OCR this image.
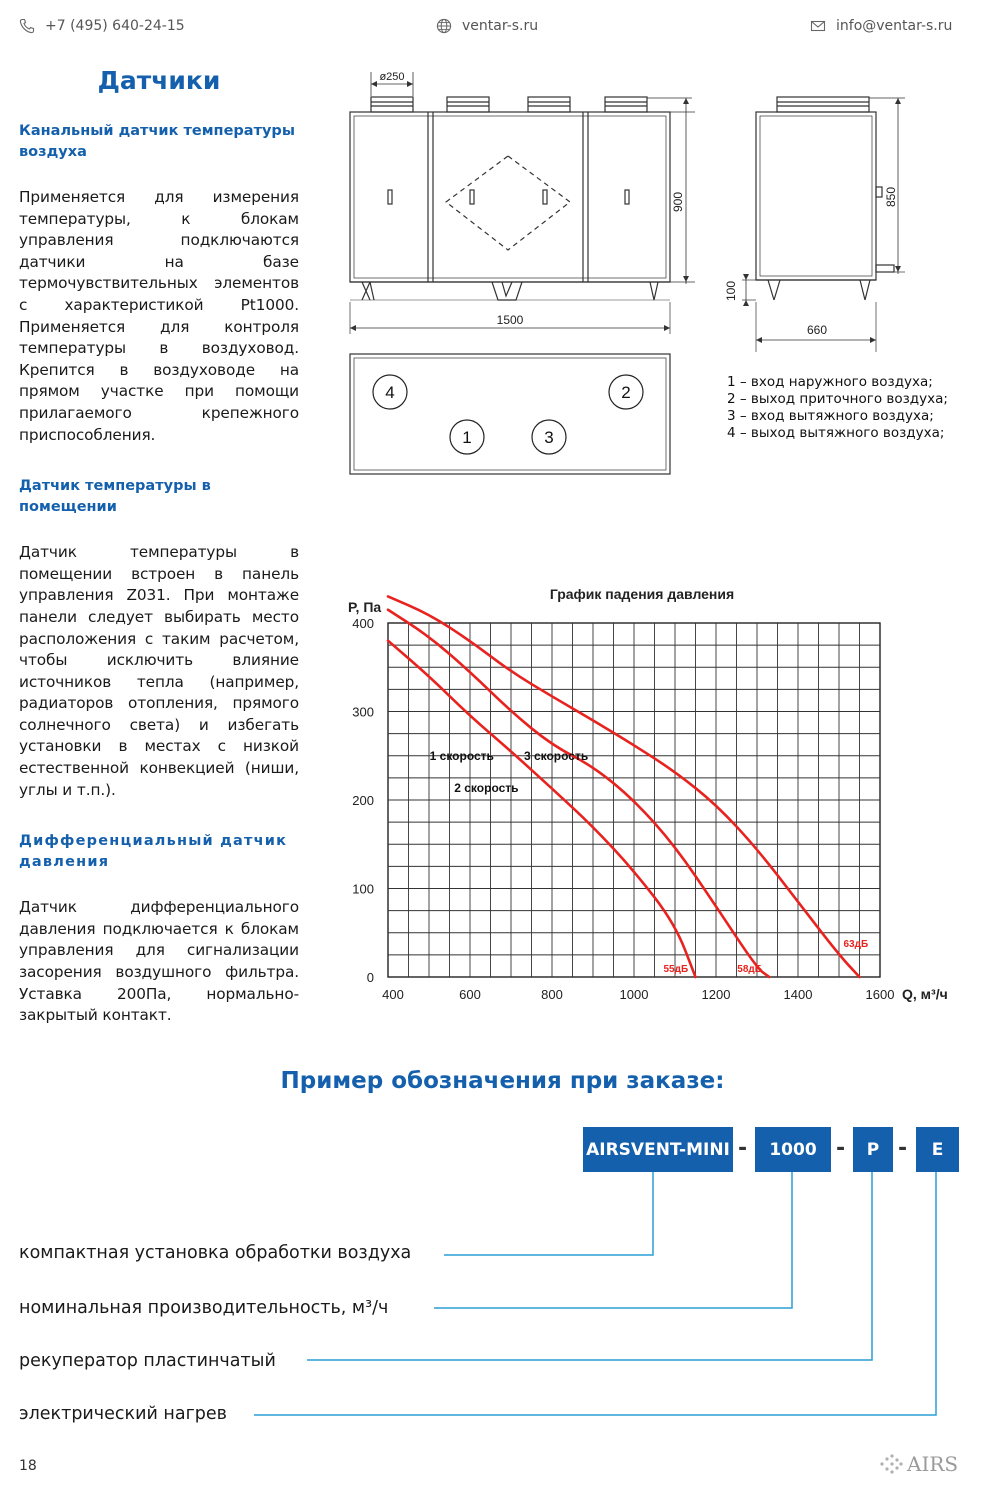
+7 (495) 640-24-15	ventar-s.ru	info@ventar-s.ru
Датчики
Канальный датчик температуры воздуха

Применяется для измерения температуры, к блокам управления подключаются датчики на базе термочувствительных элементов с характеристикой Pt1000. Применяется для контроля температуры в воздуховод. Крепится в воздуховоде на прямом участке при помощи прилагаемого крепежного приспособления.

Датчик температуры в помещении

Датчик температуры в помещении встроен в панель управления Z031. При монтаже панели следует выбирать место расположения с таким расчетом, чтобы исключить влияние источников тепла (например, радиаторов отопления, прямого солнечного света) и избегать установки в местах с низкой естественной конвекцией (ниши, углы и т.п.).

Дифференциальный датчик давления

Датчик дифференциального давления подключается к блокам управления для сигнализации засорения воздушного фильтра. Уставка 200Па, нормально-закрытый контакт.

ø250
1500
900	850
100
660
4	2
1	3
1 – вход наружного воздуха;
2 – выход приточного воздуха;
3 – вход вытяжного воздуха;
4 – выход вытяжного воздуха;
График падения давления
P, Па
Q, м³/ч
0
100
200
300
400
400	600	800	1000	1200	1400	1600
1 скорость
55дБ
2 скорость
58дБ
3 скорость
63дБ
Пример обозначения при заказе:
AIRSVENT-MINI -	1000 -	P -	E
компактная установка обработки воздуха
номинальная производительность, м³/ч
рекуператор пластинчатый
электрический нагрев
18	AIRS
